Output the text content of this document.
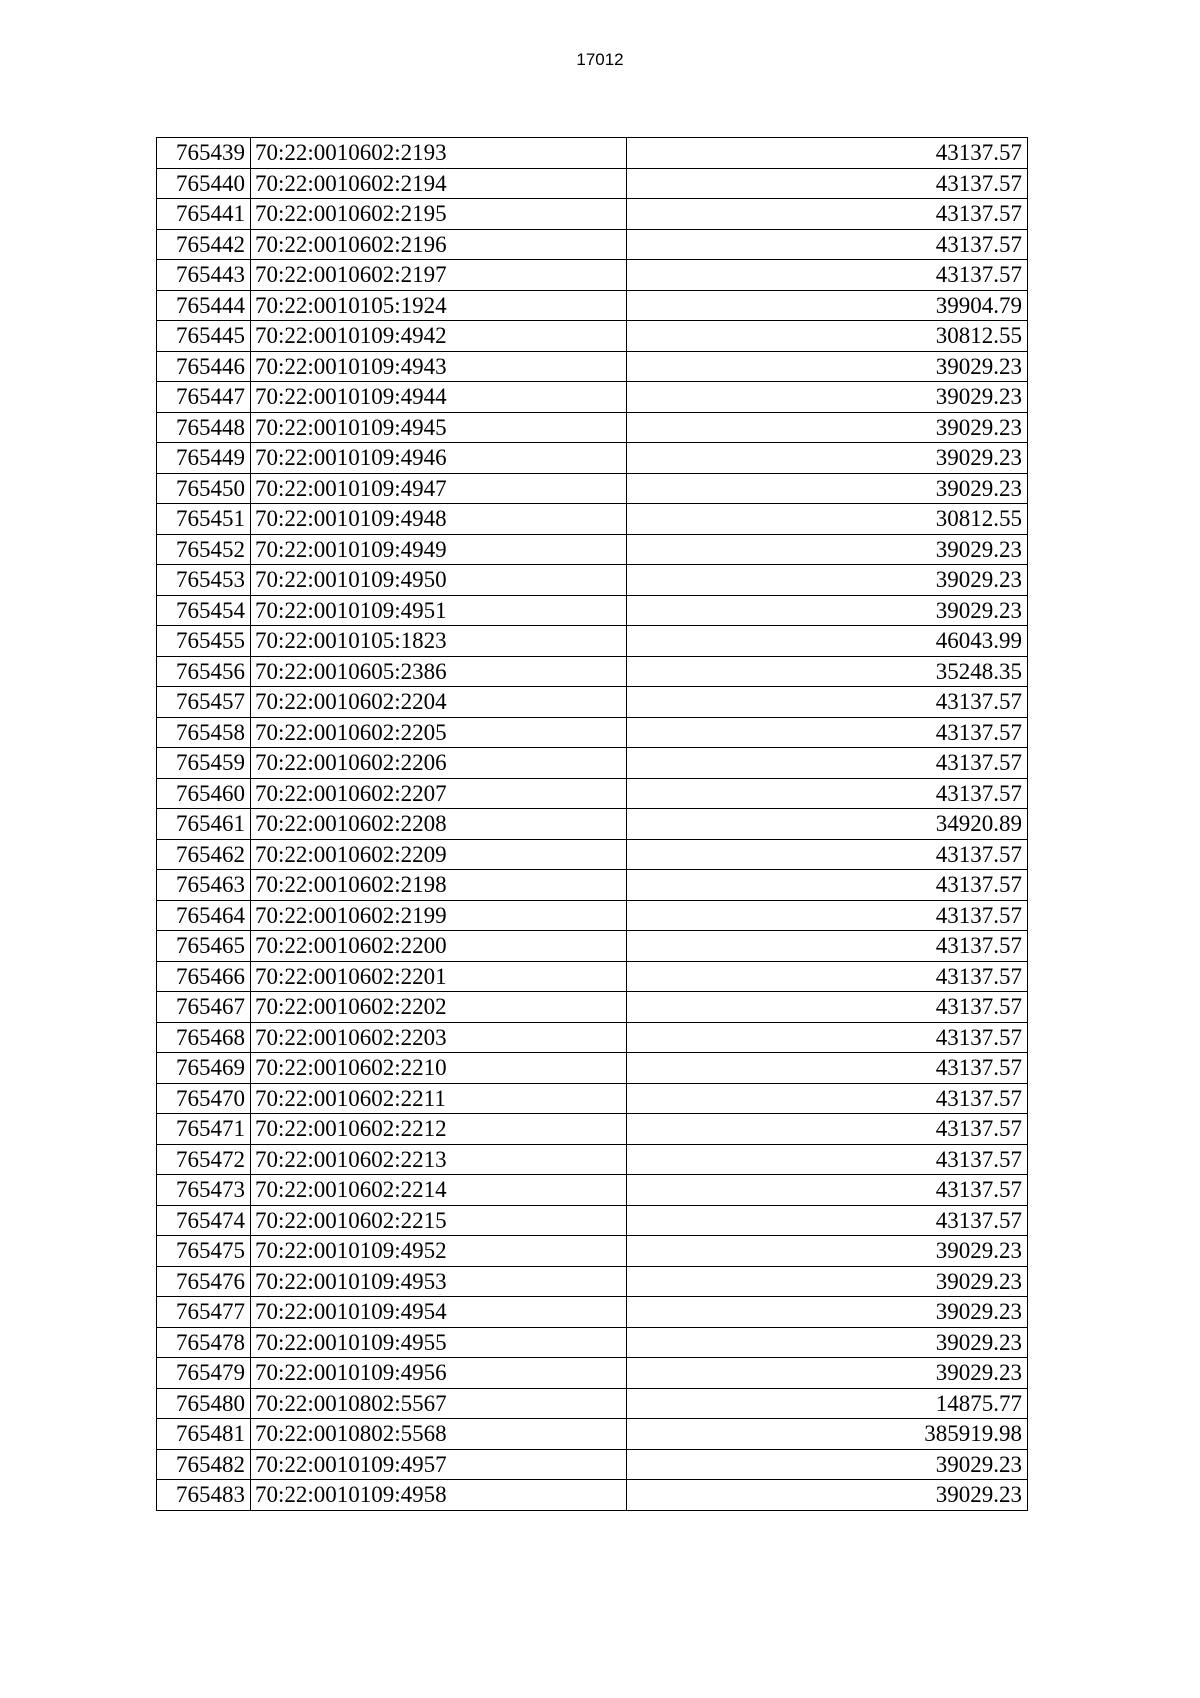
17012
765439	70:22:0010602:2193	43137.57
765440	70:22:0010602:2194	43137.57
765441	70:22:0010602:2195	43137.57
765442	70:22:0010602:2196	43137.57
765443	70:22:0010602:2197	43137.57
765444	70:22:0010105:1924	39904.79
765445	70:22:0010109:4942	30812.55
765446	70:22:0010109:4943	39029.23
765447	70:22:0010109:4944	39029.23
765448	70:22:0010109:4945	39029.23
765449	70:22:0010109:4946	39029.23
765450	70:22:0010109:4947	39029.23
765451	70:22:0010109:4948	30812.55
765452	70:22:0010109:4949	39029.23
765453	70:22:0010109:4950	39029.23
765454	70:22:0010109:4951	39029.23
765455	70:22:0010105:1823	46043.99
765456	70:22:0010605:2386	35248.35
765457	70:22:0010602:2204	43137.57
765458	70:22:0010602:2205	43137.57
765459	70:22:0010602:2206	43137.57
765460	70:22:0010602:2207	43137.57
765461	70:22:0010602:2208	34920.89
765462	70:22:0010602:2209	43137.57
765463	70:22:0010602:2198	43137.57
765464	70:22:0010602:2199	43137.57
765465	70:22:0010602:2200	43137.57
765466	70:22:0010602:2201	43137.57
765467	70:22:0010602:2202	43137.57
765468	70:22:0010602:2203	43137.57
765469	70:22:0010602:2210	43137.57
765470	70:22:0010602:2211	43137.57
765471	70:22:0010602:2212	43137.57
765472	70:22:0010602:2213	43137.57
765473	70:22:0010602:2214	43137.57
765474	70:22:0010602:2215	43137.57
765475	70:22:0010109:4952	39029.23
765476	70:22:0010109:4953	39029.23
765477	70:22:0010109:4954	39029.23
765478	70:22:0010109:4955	39029.23
765479	70:22:0010109:4956	39029.23
765480	70:22:0010802:5567	14875.77
765481	70:22:0010802:5568	385919.98
765482	70:22:0010109:4957	39029.23
765483	70:22:0010109:4958	39029.23
